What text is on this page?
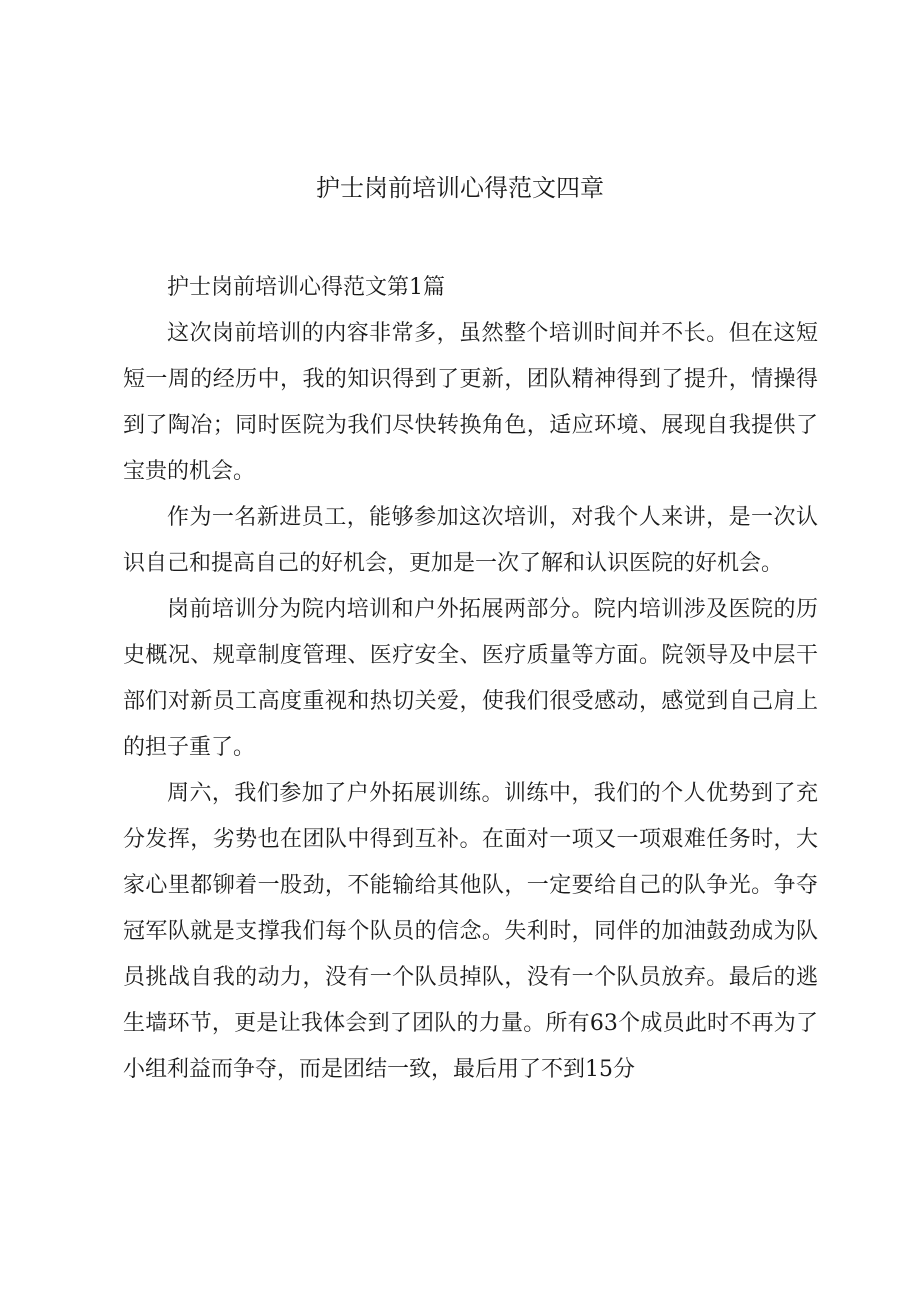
护士岗前培训心得范文四章

护士岗前培训心得范文第1篇

这次岗前培训的内容非常多，虽然整个培训时间并不长。但在这短短一周的经历中，我的知识得到了更新，团队精神得到了提升，情操得到了陶冶；同时医院为我们尽快转换角色，适应环境、展现自我提供了宝贵的机会。

作为一名新进员工，能够参加这次培训，对我个人来讲，是一次认识自己和提高自己的好机会，更加是一次了解和认识医院的好机会。

岗前培训分为院内培训和户外拓展两部分。院内培训涉及医院的历史概况、规章制度管理、医疗安全、医疗质量等方面。院领导及中层干部们对新员工高度重视和热切关爱，使我们很受感动，感觉到自己肩上的担子重了。

周六，我们参加了户外拓展训练。训练中，我们的个人优势到了充分发挥，劣势也在团队中得到互补。在面对一项又一项艰难任务时，大家心里都铆着一股劲，不能输给其他队，一定要给自己的队争光。争夺冠军队就是支撑我们每个队员的信念。失利时，同伴的加油鼓劲成为队员挑战自我的动力，没有一个队员掉队，没有一个队员放弃。最后的逃生墙环节，更是让我体会到了团队的力量。所有63个成员此时不再为了小组利益而争夺，而是团结一致，最后用了不到15分
